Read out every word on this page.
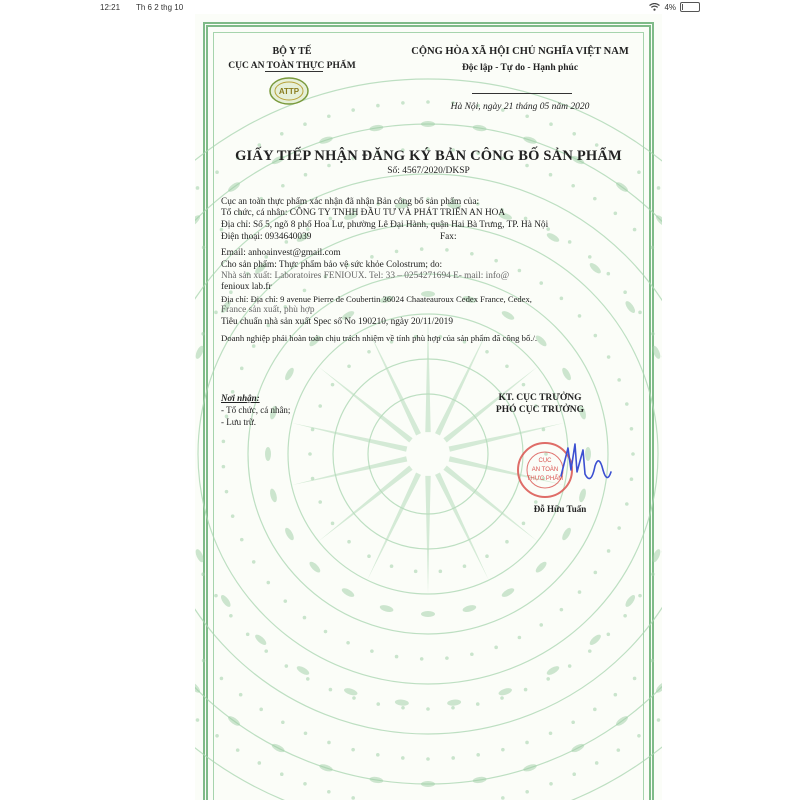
12:21 Th 6 2 thg 10	4%
BỘ Y TẾ
CỤC AN TOÀN THỰC PHẨM
ATTP
CỘNG HÒA XÃ HỘI CHỦ NGHĨA VIỆT NAM
Độc lập - Tự do - Hạnh phúc
Hà Nội, ngày 21 tháng 05 năm 2020
GIẤY TIẾP NHẬN ĐĂNG KÝ BẢN CÔNG BỐ SẢN PHẨM
Số: 4567/2020/DKSP
Cục an toàn thực phẩm xác nhận đã nhận Bản công bố sản phẩm của:
Tổ chức, cá nhân: CÔNG TY TNHH ĐẦU TƯ VÀ PHÁT TRIỂN AN HOA
Địa chỉ: Số 5, ngõ 8 phố Hoa Lư, phường Lê Đại Hành, quận Hai Bà Trưng, TP. Hà Nội
Điện thoại: 0934640039	Fax:
Email: anhoainvest@gmail.com
Cho sản phẩm: Thực phẩm bảo vệ sức khỏe Colostrum; do:
Nhà sản xuất: Laboratoires FENIOUX. Tel: 33 – 0254271694 E- mail: info@
fenioux lab.fr
Địa chỉ: Địa chỉ: 9 avenue Pierre de Coubertin 36024 Chaateauroux Cedex France, Cedex,
France sản xuất, phù hợp
Tiêu chuẩn nhà sản xuất Spec số No 190210, ngày 20/11/2019
Doanh nghiệp phải hoàn toàn chịu trách nhiệm về tính phù hợp của sản phẩm đã công bố./.
Nơi nhận:
- Tổ chức, cá nhân;
- Lưu trữ.
KT. CỤC TRƯỞNG
PHÓ CỤC TRƯỞNG
CỤC
AN TOÀN
THỰC PHẨM
Đỗ Hữu Tuấn
